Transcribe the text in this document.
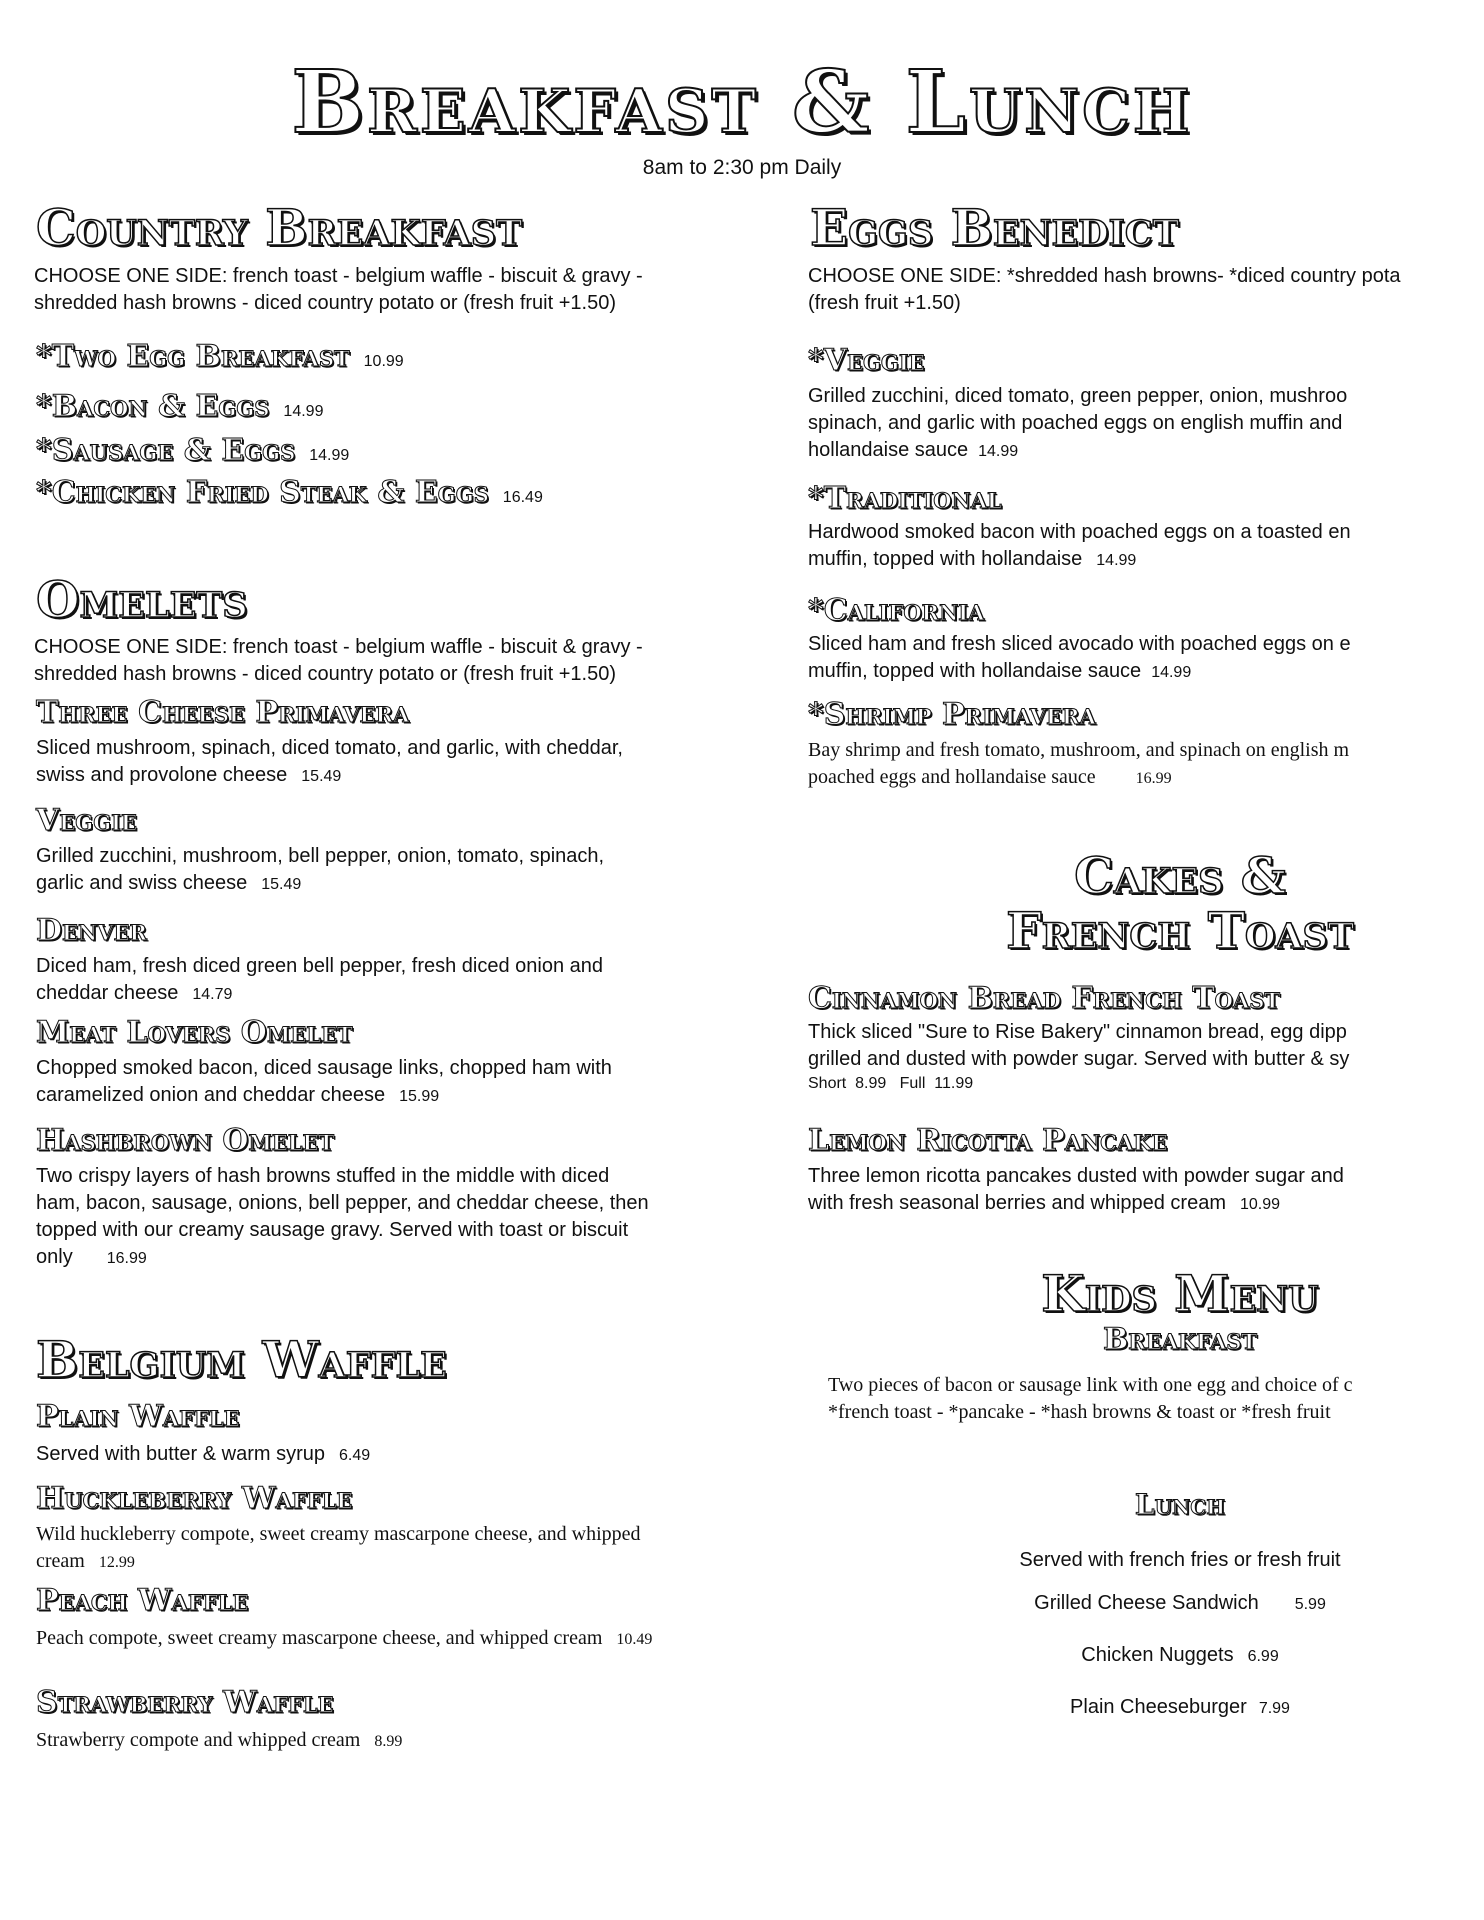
Breakfast & Lunch
8am to 2:30 pm Daily
Country Breakfast
CHOOSE ONE SIDE: french toast - belgium waffle - biscuit & gravy -
shredded hash browns - diced country potato or (fresh fruit +1.50)
*Two Egg Breakfast 10.99
*Bacon & Eggs 14.99
*Sausage & Eggs 14.99
*Chicken Fried Steak & Eggs 16.49
Omelets
CHOOSE ONE SIDE: french toast - belgium waffle - biscuit & gravy -
shredded hash browns - diced country potato or (fresh fruit +1.50)
Three Cheese Primavera
Sliced mushroom, spinach, diced tomato, and garlic, with cheddar,
swiss and provolone cheese 15.49
Veggie
Grilled zucchini, mushroom, bell pepper, onion, tomato, spinach,
garlic and swiss cheese 15.49
Denver
Diced ham, fresh diced green bell pepper, fresh diced onion and
cheddar cheese 14.79
Meat Lovers Omelet
Chopped smoked bacon, diced sausage links, chopped ham with
caramelized onion and cheddar cheese 15.99
Hashbrown Omelet
Two crispy layers of hash browns stuffed in the middle with diced
ham, bacon, sausage, onions, bell pepper, and cheddar cheese, then
topped with our creamy sausage gravy. Served with toast or biscuit
only 16.99
Belgium Waffle
Plain Waffle
Served with butter & warm syrup 6.49
Huckleberry Waffle
Wild huckleberry compote, sweet creamy mascarpone cheese, and whipped
cream 12.99
Peach Waffle
Peach compote, sweet creamy mascarpone cheese, and whipped cream 10.49
Strawberry Waffle
Strawberry compote and whipped cream 8.99
Eggs Benedict
CHOOSE ONE SIDE: *shredded hash browns- *diced country pota
(fresh fruit +1.50)
*Veggie
Grilled zucchini, diced tomato, green pepper, onion, mushroo
spinach, and garlic with poached eggs on english muffin and
hollandaise sauce 14.99
*Traditional
Hardwood smoked bacon with poached eggs on a toasted en
muffin, topped with hollandaise 14.99
*California
Sliced ham and fresh sliced avocado with poached eggs on e
muffin, topped with hollandaise sauce 14.99
*Shrimp Primavera
Bay shrimp and fresh tomato, mushroom, and spinach on english m
poached eggs and hollandaise sauce	16.99
Cakes &
French Toast
Cinnamon Bread French Toast
Thick sliced "Sure to Rise Bakery" cinnamon bread, egg dipp
grilled and dusted with powder sugar. Served with butter & sy
Short  8.99   Full  11.99
Lemon Ricotta Pancake
Three lemon ricotta pancakes dusted with powder sugar and
with fresh seasonal berries and whipped cream 10.99
Kids Menu
Breakfast
Two pieces of bacon or sausage link with one egg and choice of c
*french toast - *pancake - *hash browns & toast or *fresh fruit
Lunch
Served with french fries or fresh fruit
Grilled Cheese Sandwich 5.99
Chicken Nuggets 6.99
Plain Cheeseburger 7.99
